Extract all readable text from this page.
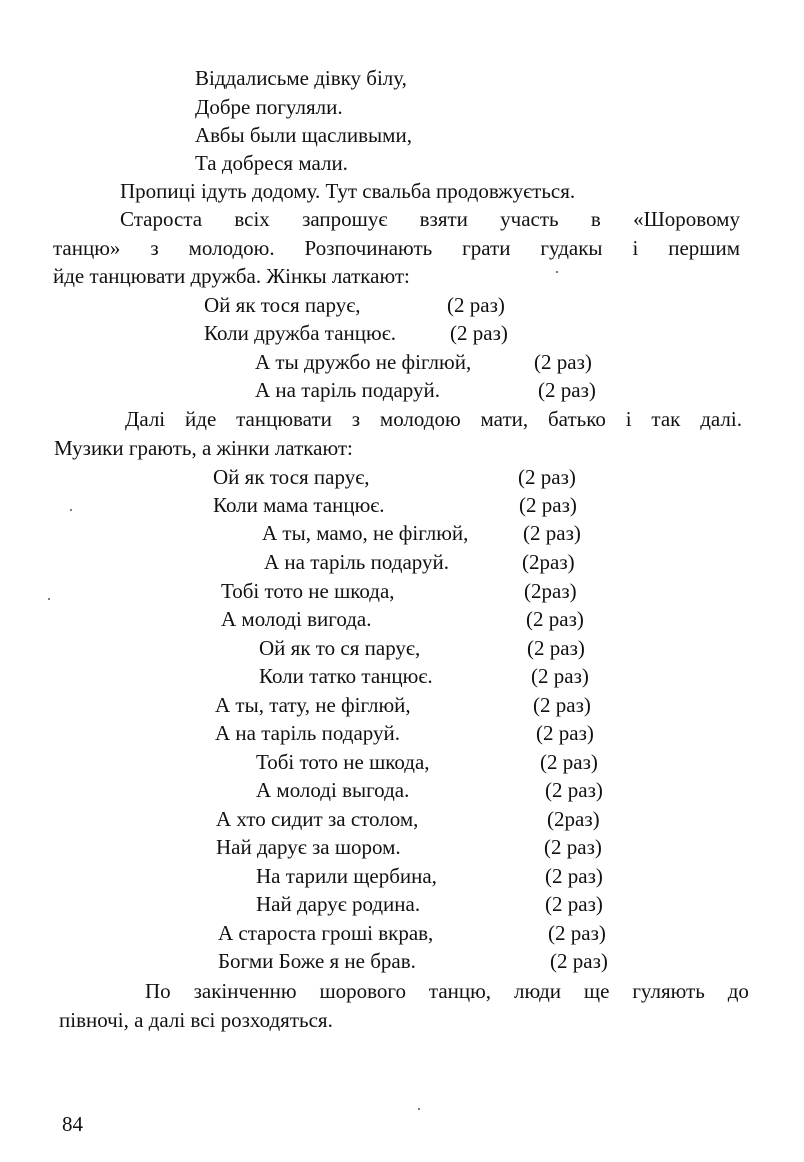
Віддалисьме дівку білу,
Добре погуляли.
Авбы были щасливыми,
Та добреся мали.
Пропиці ідуть додому. Тут свальба продовжується.
Староста всіх запрошує взяти участь в «Шоровому
танцю» з молодою. Розпочинають грати гудакы і першим
йде танцювати дружба. Жінкы латкают:
Ой як тося парує,	(2 раз)
Коли дружба танцює.	(2 раз)
А ты дружбо не фіглюй,	(2 раз)
А на таріль подаруй.	(2 раз)
Далі йде танцювати з молодою мати, батько і так далі.
Музики грають, а жінки латкают:
Ой як тося парує,	(2 раз)
Коли мама танцює.	(2 раз)
А ты, мамо, не фіглюй,	(2 раз)
А на таріль подаруй.	(2раз)
Тобі тото не шкода,	(2раз)
А молоді вигода.	(2 раз)
Ой як то ся парує,	(2 раз)
Коли татко танцює.	(2 раз)
А ты, тату, не фіглюй,	(2 раз)
А на таріль подаруй.	(2 раз)
Тобі тото не шкода,	(2 раз)
А молоді выгода.	(2 раз)
А хто сидит за столом,	(2раз)
Най дарує за шором.	(2 раз)
На тарили щербина,	(2 раз)
Най дарує родина.	(2 раз)
А староста гроші вкрав,	(2 раз)
Богми Боже я не брав.	(2 раз)
По закінченню шорового танцю, люди ще гуляють до
півночі, а далі всі розходяться.
84
